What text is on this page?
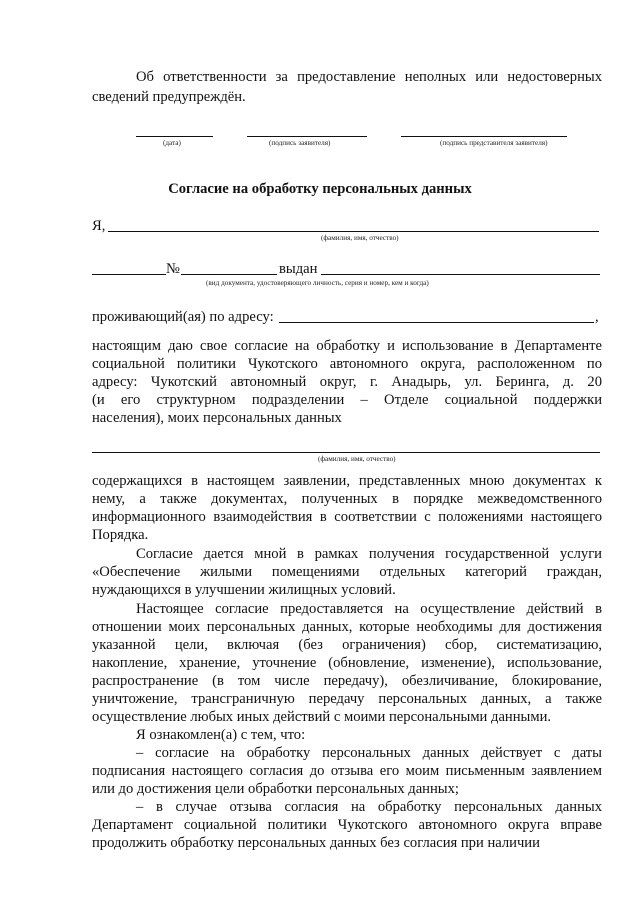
Об ответственности за предоставление неполных или недостоверных
сведений предупреждён.
(дата)	(подпись заявителя)	(подпись представителя заявителя)
Согласие на обработку персональных данных
Я,
(фамилия, имя, отчество)
№	выдан
(вид документа, удостоверяющего личность, серия и номер, кем и когда)
проживающий(ая) по адресу:	,
настоящим даю свое согласие на обработку и использование в Департаменте
социальной политики Чукотского автономного округа, расположенном по
адресу: Чукотский автономный округ, г. Анадырь, ул. Беринга, д. 20
(и его структурном подразделении – Отделе социальной поддержки
населения), моих персональных данных
(фамилия, имя, отчество)
содержащихся в настоящем заявлении, представленных мною документах к
нему, а также документах, полученных в порядке межведомственного
информационного взаимодействия в соответствии с положениями настоящего
Порядка.
Согласие дается мной в рамках получения государственной услуги
«Обеспечение жилыми помещениями отдельных категорий граждан,
нуждающихся в улучшении жилищных условий.
Настоящее согласие предоставляется на осуществление действий в
отношении моих персональных данных, которые необходимы для достижения
указанной цели, включая (без ограничения) сбор, систематизацию,
накопление, хранение, уточнение (обновление, изменение), использование,
распространение (в том числе передачу), обезличивание, блокирование,
уничтожение, трансграничную передачу персональных данных, а также
осуществление любых иных действий с моими персональными данными.
Я ознакомлен(а) с тем, что:
– согласие на обработку персональных данных действует с даты
подписания настоящего согласия до отзыва его моим письменным заявлением
или до достижения цели обработки персональных данных;
– в случае отзыва согласия на обработку персональных данных
Департамент социальной политики Чукотского автономного округа вправе
продолжить обработку персональных данных без согласия при наличии
